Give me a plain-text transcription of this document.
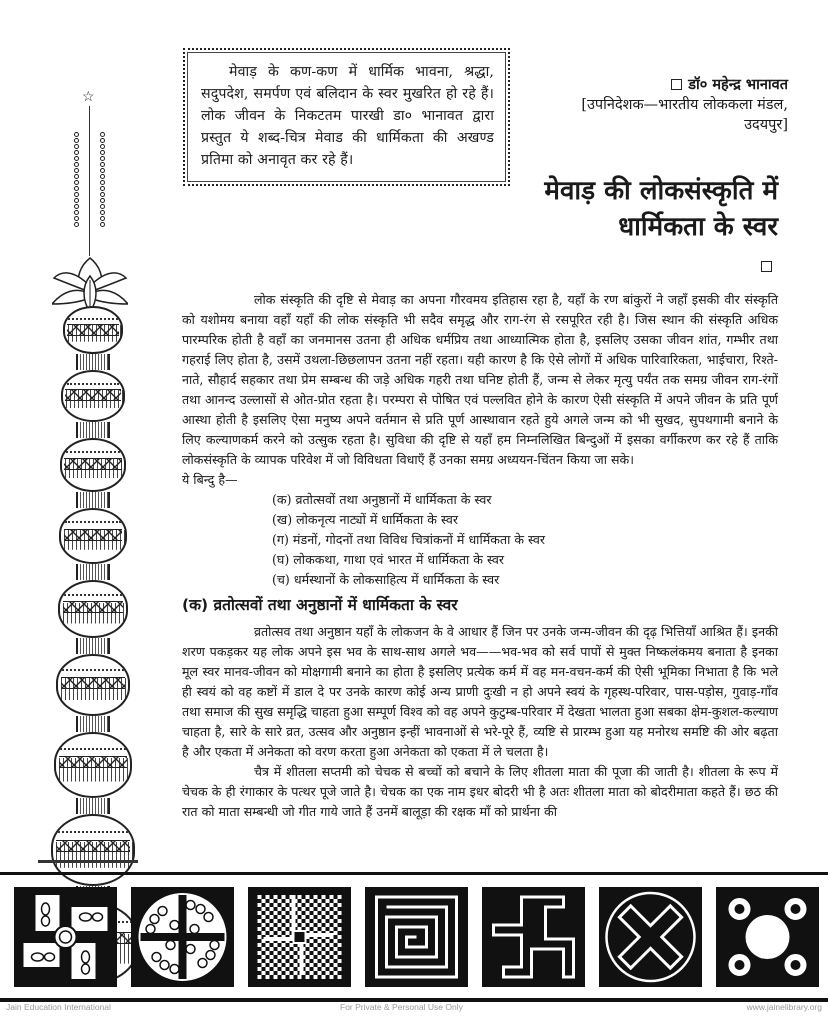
☆

मेवाड़ के कण-कण में धार्मिक भावना, श्रद्धा, सदुपदेश, समर्पण एवं बलिदान के स्वर मुखरित हो रहे हैं। लोक जीवन के निकटतम पारखी डा० भानावत द्वारा प्रस्तुत ये शब्द-चित्र मेवाड की धार्मिकता की अखण्ड प्रतिमा को अनावृत कर रहे हैं।

डॉ० महेन्द्र भानावत
[उपनिदेशक—भारतीय लोककला मंडल,
उदयपुर]
मेवाड़ की लोकसंस्कृति में
धार्मिकता के स्वर

लोक संस्कृति की दृष्टि से मेवाड़ का अपना गौरवमय इतिहास रहा है, यहाँ के रण बांकुरों ने जहाँ इसकी वीर संस्कृति को यशोमय बनाया वहाँ यहाँ की लोक संस्कृति भी सदैव समृद्ध और राग-रंग से रसपूरित रही है। जिस स्थान की संस्कृति अधिक पारम्परिक होती है वहाँ का जनमानस उतना ही अधिक धर्मप्रिय तथा आध्यात्मिक होता है, इसलिए उसका जीवन शांत, गम्भीर तथा गहराई लिए होता है, उसमें उथला-छिछलापन उतना नहीं रहता। यही कारण है कि ऐसे लोगों में अधिक पारिवारिकता, भाईचारा, रिश्ते-नाते, सौहार्द सहकार तथा प्रेम सम्बन्ध की जड़े अधिक गहरी तथा घनिष्ट होती हैं, जन्म से लेकर मृत्यु पर्यंत तक समग्र जीवन राग-रंगों तथा आनन्द उल्लासों से ओत-प्रोत रहता है। परम्परा से पोषित एवं पल्लवित होने के कारण ऐसी संस्कृति में अपने जीवन के प्रति पूर्ण आस्था होती है इसलिए ऐसा मनुष्य अपने वर्तमान से प्रति पूर्ण आस्थावान रहते हुये अगले जन्म को भी सुखद, सुपथगामी बनाने के लिए कल्याणकर्म करने को उत्सुक रहता है। सुविधा की दृष्टि से यहाँ हम निम्नलिखित बिन्दुओं में इसका वर्गीकरण कर रहे हैं ताकि लोकसंस्कृति के व्यापक परिवेश में जो विविधता विधाएँ हैं उनका समग्र अध्ययन-चिंतन किया जा सके।

ये बिन्दु है—

(क) व्रतोत्सवों तथा अनुष्ठानों में धार्मिकता के स्वर
(ख) लोकनृत्य नाट्यों में धार्मिकता के स्वर
(ग) मंडनों, गोदनों तथा विविध चित्रांकनों में धार्मिकता के स्वर
(घ) लोककथा, गाथा एवं भारत में धार्मिकता के स्वर
(च) धर्मस्थानों के लोकसाहित्य में धार्मिकता के स्वर
(क) व्रतोत्सवों तथा अनुष्ठानों में धार्मिकता के स्वर

व्रतोत्सव तथा अनुष्ठान यहाँ के लोकजन के वे आधार हैं जिन पर उनके जन्म-जीवन की दृढ़ भित्तियाँ आश्रित हैं। इनकी शरण पकड़कर यह लोक अपने इस भव के साथ-साथ अगले भव——भव-भव को सर्व पापों से मुक्त निष्कलंकमय बनाता है इनका मूल स्वर मानव-जीवन को मोक्षगामी बनाने का होता है इसलिए प्रत्येक कर्म में वह मन-वचन-कर्म की ऐसी भूमिका निभाता है कि भले ही स्वयं को वह कष्टों में डाल दे पर उनके कारण कोई अन्य प्राणी दुःखी न हो अपने स्वयं के गृहस्थ-परिवार, पास-पड़ोस, गुवाड़-गाँव तथा समाज की सुख समृद्धि चाहता हुआ सम्पूर्ण विश्व को वह अपने कुटुम्ब-परिवार में देखता भालता हुआ सबका क्षेम-कुशल-कल्याण चाहता है, सारे के सारे व्रत, उत्सव और अनुष्ठान इन्हीं भावनाओं से भरे-पूरे हैं, व्यष्टि से प्रारम्भ हुआ यह मनोरथ समष्टि की ओर बढ़ता है और एकता में अनेकता को वरण करता हुआ अनेकता को एकता में ले चलता है।

चैत्र में शीतला सप्तमी को चेचक से बच्चों को बचाने के लिए शीतला माता की पूजा की जाती है। शीतला के रूप में चेचक के ही रंगाकार के पत्थर पूजे जाते है। चेचक का एक नाम इधर बोदरी भी है अतः शीतला माता को बोदरीमाता कहते हैं। छठ की रात को माता सम्बन्धी जो गीत गाये जाते हैं उनमें बालूड़ा की रक्षक माँ को प्रार्थना की

Jain Education International	For Private & Personal Use Only	www.jainelibrary.org
